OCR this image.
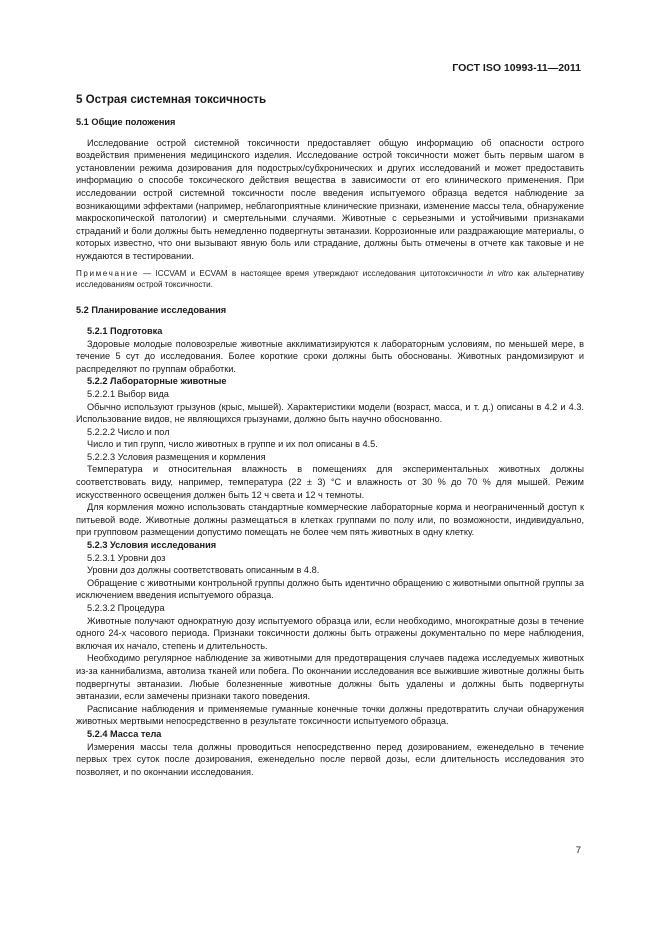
ГОСТ ISO 10993-11—2011
5 Острая системная токсичность
5.1 Общие положения

Исследование острой системной токсичности предоставляет общую информацию об опасности острого воздействия применения медицинского изделия. Исследование острой токсичности может быть первым шагом в установлении режима дозирования для подострых/субхронических и других исследований и может предоставить информацию о способе токсического действия вещества в зависимости от его клинического применения. При исследовании острой системной токсичности после введения испытуемого образца ведется наблюдение за возникающими эффектами (например, неблагоприятные клинические признаки, изменение массы тела, обнаружение макроскопической патологии) и смертельными случаями. Животные с серьезными и устойчивыми признаками страданий и боли должны быть немедленно подвергнуты эвтаназии. Коррозионные или раздражающие материалы, о которых известно, что они вызывают явную боль или страдание, должны быть отмечены в отчете как таковые и не нуждаются в тестировании.

Примечание — ICCVAM и ECVAM в настоящее время утверждают исследования цитотоксичности in vitro как альтернативу исследованиям острой токсичности.

5.2 Планирование исследования

5.2.1 Подготовка

Здоровые молодые половозрелые животные акклиматизируются к лабораторным условиям, по меньшей мере, в течение 5 сут до исследования. Более короткие сроки должны быть обоснованы. Животных рандомизируют и распределяют по группам обработки.

5.2.2 Лабораторные животные

5.2.2.1 Выбор вида

Обычно используют грызунов (крыс, мышей). Характеристики модели (возраст, масса, и т. д.) описаны в 4.2 и 4.3. Использование видов, не являющихся грызунами, должно быть научно обоснованно.

5.2.2.2 Число и пол

Число и тип групп, число животных в группе и их пол описаны в 4.5.

5.2.2.3 Условия размещения и кормления

Температура и относительная влажность в помещениях для экспериментальных животных должны соответствовать виду, например, температура (22 ± 3) °С и влажность от 30 % до 70 % для мышей. Режим искусственного освещения должен быть 12 ч света и 12 ч темноты.

Для кормления можно использовать стандартные коммерческие лабораторные корма и неограниченный доступ к питьевой воде. Животные должны размещаться в клетках группами по полу или, по возможности, индивидуально, при групповом размещении допустимо помещать не более чем пять животных в одну клетку.

5.2.3 Условия исследования

5.2.3.1 Уровни доз

Уровни доз должны соответствовать описанным в 4.8.

Обращение с животными контрольной группы должно быть идентично обращению с животными опытной группы за исключением введения испытуемого образца.

5.2.3.2 Процедура

Животные получают однократную дозу испытуемого образца или, если необходимо, многократные дозы в течение одного 24-х часового периода. Признаки токсичности должны быть отражены документально по мере наблюдения, включая их начало, степень и длительность.

Необходимо регулярное наблюдение за животными для предотвращения случаев падежа исследуемых животных из-за каннибализма, автолиза тканей или побега. По окончании исследования все выжившие животные должны быть подвергнуты эвтаназии. Любые болезненные животные должны быть удалены и должны быть подвергнуты эвтаназии, если замечены признаки такого поведения.

Расписание наблюдения и применяемые гуманные конечные точки должны предотвратить случаи обнаружения животных мертвыми непосредственно в результате токсичности испытуемого образца.

5.2.4 Масса тела

Измерения массы тела должны проводиться непосредственно перед дозированием, еженедельно в течение первых трех суток после дозирования, еженедельно после первой дозы, если длительность исследования это позволяет, и по окончании исследования.

7
